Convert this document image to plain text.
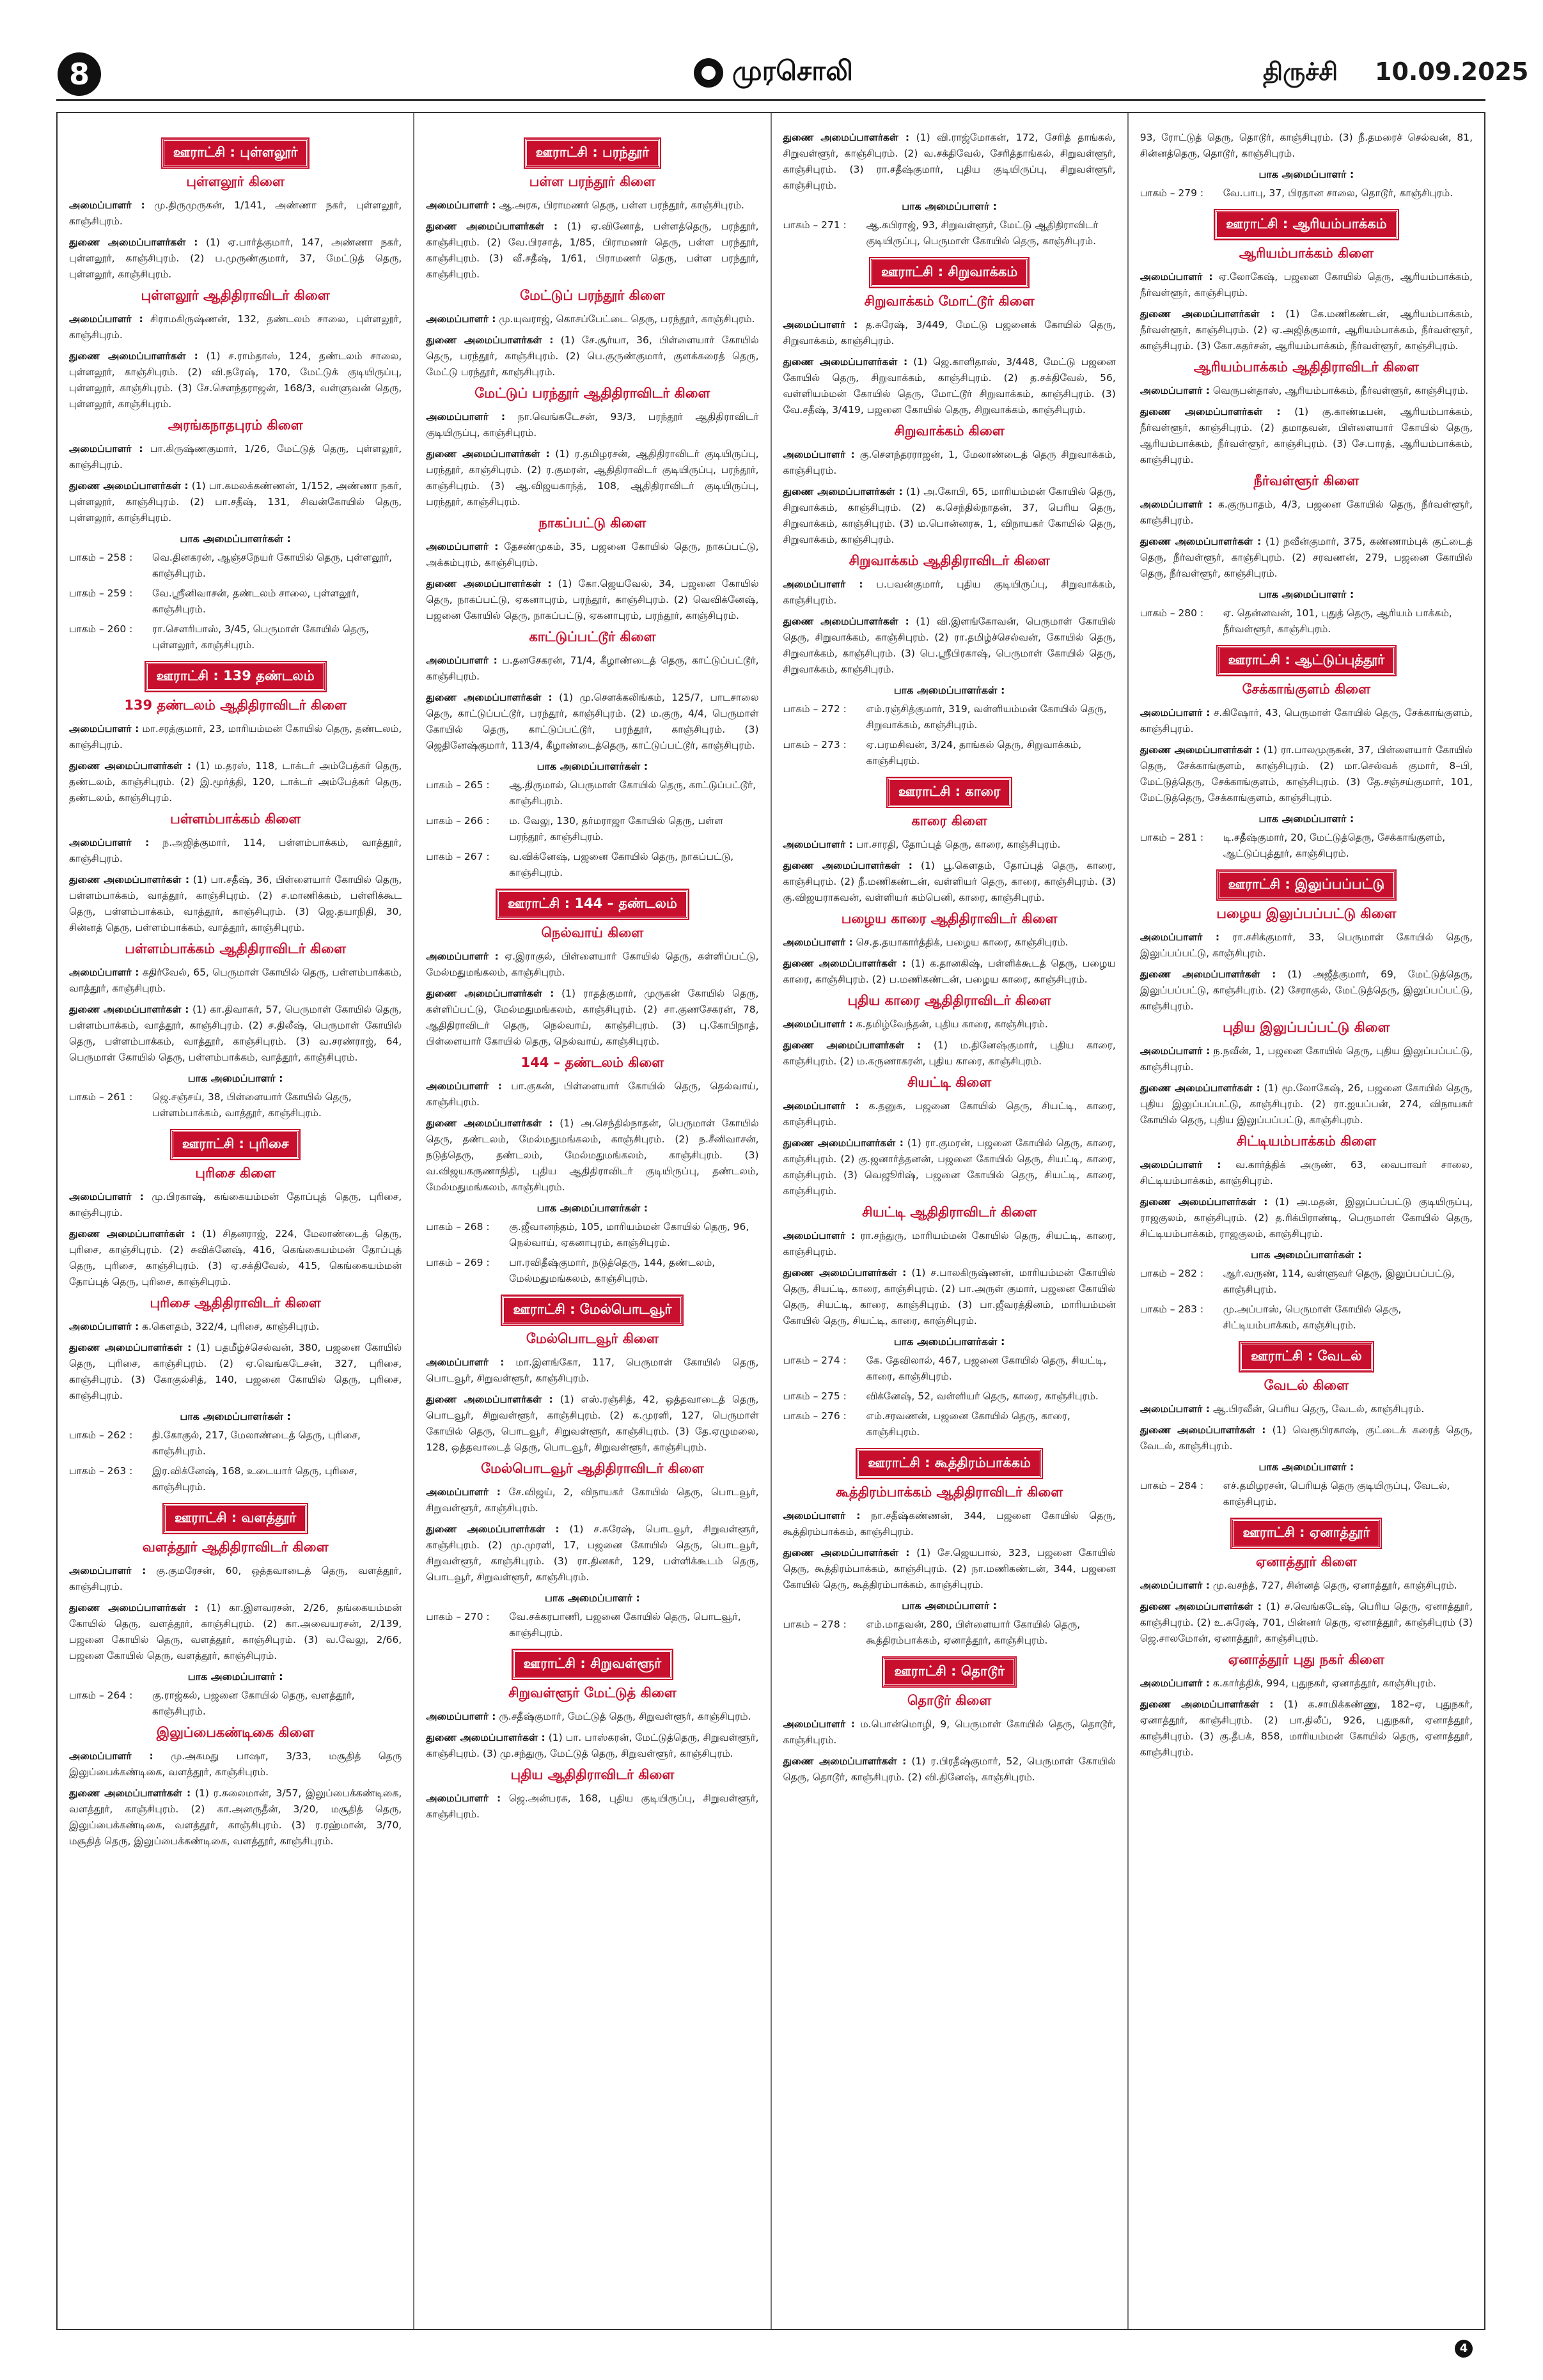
8	முரசொலி	திருச்சி 10.09.2025
ஊராட்சி : புள்ளலூர்
புள்ளலூர் கிளை

அமைப்பாளர் : மு.திருமுருகன், 1/141, அண்ணா நகர், புள்ளலூர், காஞ்சிபுரம்.

துணை அமைப்பாளர்கள் : (1) ஏ.பார்த்குமார், 147, அண்ணா நகர், புள்ளலூர், காஞ்சிபுரம். (2) ப.முருண்குமார், 37, மேட்டுத் தெரு, புள்ளலூர், காஞ்சிபுரம்.

புள்ளலூர் ஆதிதிராவிடர் கிளை

அமைப்பாளர் : சிராமகிருஷ்ணன், 132, தண்டலம் சாலை, புள்ளலூர், காஞ்சிபுரம்.

துணை அமைப்பாளர்கள் : (1) ச.ராம்தாஸ், 124, தண்டலம் சாலை, புள்ளலூர், காஞ்சிபுரம். (2) வி.நரேஷ், 170, மேட்டுக் குடியிருப்பு, புள்ளலூர், காஞ்சிபுரம். (3) சே.சௌந்தராஜன், 168/3, வள்ளுவன் தெரு, புள்ளலூர், காஞ்சிபுரம்.

அரங்கநாதபுரம் கிளை

அமைப்பாளர் : பா.கிருஷ்ணகுமார், 1/26, மேட்டுத் தெரு, புள்ளலூர், காஞ்சிபுரம்.

துணை அமைப்பாளர்கள் : (1) பா.கமலக்கண்ணன், 1/152, அண்ணா நகர், புள்ளலூர், காஞ்சிபுரம். (2) பா.சதீஷ், 131, சிவன்கோயில் தெரு, புள்ளலூர், காஞ்சிபுரம்.

பாக அமைப்பாளர்கள் :
பாகம் – 258 :	வெ.தினகரன், ஆஞ்சநேயர் கோயில் தெரு, புள்ளலூர், காஞ்சிபுரம்.
பாகம் – 259 :	வே.ஸ்ரீனிவாசன், தண்டலம் சாலை, புள்ளலூர், காஞ்சிபுரம்.
பாகம் – 260 :	ரா.சௌரிபாஸ், 3/45, பெருமாள் கோயில் தெரு, புள்ளலூர், காஞ்சிபுரம்.
ஊராட்சி : 139 தண்டலம்
139 தண்டலம் ஆதிதிராவிடர் கிளை

அமைப்பாளர் : மா.சரத்குமார், 23, மாரியம்மன் கோயில் தெரு, தண்டலம், காஞ்சிபுரம்.

துணை அமைப்பாளர்கள் : (1) ம.தரஸ், 118, டாக்டர் அம்பேத்கர் தெரு, தண்டலம், காஞ்சிபுரம். (2) இ.மூர்த்தி, 120, டாக்டர் அம்பேத்கர் தெரு, தண்டலம், காஞ்சிபுரம்.

பள்ளம்பாக்கம் கிளை

அமைப்பாளர் : ந.அஜித்குமார், 114, பள்ளம்பாக்கம், வாத்தூர், காஞ்சிபுரம்.

துணை அமைப்பாளர்கள் : (1) பா.சதீஷ், 36, பிள்ளையார் கோயில் தெரு, பள்ளம்பாக்கம், வாத்தூர், காஞ்சிபுரம். (2) ச.மாணிக்கம், பள்ளிக்கூட தெரு, பள்ளம்பாக்கம், வாத்தூர், காஞ்சிபுரம். (3) ஜெ.தயாநிதி, 30, சின்னத் தெரு, பள்ளம்பாக்கம், வாத்தூர், காஞ்சிபுரம்.

பள்ளம்பாக்கம் ஆதிதிராவிடர் கிளை

அமைப்பாளர் : கதிர்வேல், 65, பெருமாள் கோயில் தெரு, பள்ளம்பாக்கம், வாத்தூர், காஞ்சிபுரம்.

துணை அமைப்பாளர்கள் : (1) கா.திவாகர், 57, பெருமாள் கோயில் தெரு, பள்ளம்பாக்கம், வாத்தூர், காஞ்சிபுரம். (2) ச.திலீஷ், பெருமாள் கோயில் தெரு, பள்ளம்பாக்கம், வாத்தூர், காஞ்சிபுரம். (3) வ.சரண்ராஜ், 64, பெருமாள் கோயில் தெரு, பள்ளம்பாக்கம், வாத்தூர், காஞ்சிபுரம்.

பாக அமைப்பாளர் :
பாகம் – 261 :	ஜெ.சஞ்சய், 38, பிள்ளையார் கோயில் தெரு, பள்ளம்பாக்கம், வாத்தூர், காஞ்சிபுரம்.
ஊராட்சி : புரிசை
புரிசை கிளை

அமைப்பாளர் : மு.பிரகாஷ், கங்கையம்மன் தோப்புத் தெரு, புரிசை, காஞ்சிபுரம்.

துணை அமைப்பாளர்கள் : (1) சிதனராஜ், 224, மேலாண்டைத் தெரு, புரிசை, காஞ்சிபுரம். (2) சுவிக்னேஷ், 416, கெங்கையம்மன் தோப்புத் தெரு, புரிசை, காஞ்சிபுரம். (3) ஏ.சக்திவேல், 415, கெங்கையம்மன் தோப்புத் தெரு, புரிசை, காஞ்சிபுரம்.

புரிசை ஆதிதிராவிடர் கிளை

அமைப்பாளர் : க.கௌதம், 322/4, புரிசை, காஞ்சிபுரம்.

துணை அமைப்பாளர்கள் : (1) பதமீழ்ச்செல்வன், 380, பஜனை கோயில் தெரு, புரிசை, காஞ்சிபுரம். (2) ஏ.வெங்கடேசன், 327, புரிசை, காஞ்சிபுரம். (3) கோகுல்சித், 140, பஜனை கோயில் தெரு, புரிசை, காஞ்சிபுரம்.

பாக அமைப்பாளர்கள் :
பாகம் – 262 :	தி.கோகுல், 217, மேலாண்டைத் தெரு, புரிசை, காஞ்சிபுரம்.
பாகம் – 263 :	இர.விக்னேஷ், 168, உடையார் தெரு, புரிசை, காஞ்சிபுரம்.
ஊராட்சி : வளத்தூர்
வளத்தூர் ஆதிதிராவிடர் கிளை

அமைப்பாளர் : கு.குமரேசன், 60, ஒத்தவாடைத் தெரு, வளத்தூர், காஞ்சிபுரம்.

துணை அமைப்பாளர்கள் : (1) கா.இளவரசன், 2/26, தங்கையம்மன் கோயில் தெரு, வளத்தூர், காஞ்சிபுரம். (2) கா.அவையரசன், 2/139, பஜனை கோயில் தெரு, வளத்தூர், காஞ்சிபுரம். (3) வ.வேலு, 2/66, பஜனை கோயில் தெரு, வளத்தூர், காஞ்சிபுரம்.

பாக அமைப்பாளர் :
பாகம் – 264 :	கு.ராஜ்கல், பஜனை கோயில் தெரு, வளத்தூர், காஞ்சிபுரம்.
இலுப்பைகண்டிகை கிளை

அமைப்பாளர் : மு.அகமது பாஷா, 3/33, மசூதித் தெரு இலுப்பைக்கண்டிகை, வளத்தூர், காஞ்சிபுரம்.

துணை அமைப்பாளர்கள் : (1) ர.கலைமான், 3/57, இலுப்பைக்கண்டிகை, வளத்தூர், காஞ்சிபுரம். (2) கா.அனருதீன், 3/20, மசூதித் தெரு, இலுப்பைக்கண்டிகை, வளத்தூர், காஞ்சிபுரம். (3) ர.ரஹ்மான், 3/70, மசூதித் தெரு, இலுப்பைக்கண்டிகை, வளத்தூர், காஞ்சிபுரம்.

ஊராட்சி : பரந்தூர்
பள்ள பரந்தூர் கிளை

அமைப்பாளர் : ஆ.அரசு, பிராமணர் தெரு, பள்ள பரந்தூர், காஞ்சிபுரம்.

துணை அமைப்பாளர்கள் : (1) ஏ.வினோத், பள்ளத்தெரு, பரந்தூர், காஞ்சிபுரம். (2) வே.பிரசாத், 1/85, பிராமணர் தெரு, பள்ள பரந்தூர், காஞ்சிபுரம். (3) வீ.சதீஷ், 1/61, பிராமணர் தெரு, பள்ள பரந்தூர், காஞ்சிபுரம்.

மேட்டுப் பரந்தூர் கிளை

அமைப்பாளர் : மு.யுவராஜ், கொசப்பேட்டை தெரு, பரந்தூர், காஞ்சிபுரம்.

துணை அமைப்பாளர்கள் : (1) சே.சூர்யா, 36, பிள்ளையார் கோயில் தெரு, பரந்தூர், காஞ்சிபுரம். (2) பெ.குருண்குமார், குளக்கரைத் தெரு, மேட்டு பரந்தூர், காஞ்சிபுரம்.

மேட்டுப் பரந்தூர் ஆதிதிராவிடர் கிளை

அமைப்பாளர் : நா.வெங்கடேசன், 93/3, பரந்தூர் ஆதிதிராவிடர் குடியிருப்பு, காஞ்சிபுரம்.

துணை அமைப்பாளர்கள் : (1) ர.தமிழரசன், ஆதிதிராவிடர் குடியிருப்பு, பரந்தூர், காஞ்சிபுரம். (2) ர.குமரன், ஆதிதிராவிடர் குடியிருப்பு, பரந்தூர், காஞ்சிபுரம். (3) ஆ.விஜயகாந்த், 108, ஆதிதிராவிடர் குடியிருப்பு, பரந்தூர், காஞ்சிபுரம்.

நாகப்பட்டு கிளை

அமைப்பாளர் : தேசண்முகம், 35, பஜனை கோயில் தெரு, நாகப்பட்டு, அக்கம்புரம், காஞ்சிபுரம்.

துணை அமைப்பாளர்கள் : (1) கோ.ஜெயவேல், 34, பஜனை கோயில் தெரு, நாகப்பட்டு, ஏகனாபுரம், பரந்தூர், காஞ்சிபுரம். (2) வெவிக்னேஷ், பஜனை கோயில் தெரு, நாகப்பட்டு, ஏகனாபுரம், பரந்தூர், காஞ்சிபுரம்.

காட்டுப்பட்டூர் கிளை

அமைப்பாளர் : ப.தனசேகரன், 71/4, கீழாண்டைத் தெரு, காட்டுப்பட்டூர், காஞ்சிபுரம்.

துணை அமைப்பாளர்கள் : (1) மு.சௌக்கலிங்கம், 125/7, பாடசாலை தெரு, காட்டுப்பட்டூர், பரந்தூர், காஞ்சிபுரம். (2) ம.குரு, 4/4, பெருமாள் கோயில் தெரு, காட்டுப்பட்டூர், பரந்தூர், காஞ்சிபுரம். (3) ஜெதினேஷ்குமார், 113/4, கீழாண்டைத்தெரு, காட்டுப்பட்டூர், காஞ்சிபுரம்.

பாக அமைப்பாளர்கள் :
பாகம் – 265 :	ஆ.திருமால், பெருமாள் கோயில் தெரு, காட்டுப்பட்டூர், காஞ்சிபுரம்.
பாகம் – 266 :	ம. வேலு, 130, தர்மராஜா கோயில் தெரு, பள்ள பரந்தூர், காஞ்சிபுரம்.
பாகம் – 267 :	வ.விக்னேஷ், பஜனை கோயில் தெரு, நாகப்பட்டு, காஞ்சிபுரம்.
ஊராட்சி : 144 – தண்டலம்
நெல்வாய் கிளை

அமைப்பாளர் : ஏ.இராகுல், பிள்ளையார் கோயில் தெரு, கள்ளிப்பட்டு, மேல்மதுமங்கலம், காஞ்சிபுரம்.

துணை அமைப்பாளர்கள் : (1) ராதத்குமார், முருகன் கோயில் தெரு, கள்ளிப்பட்டு, மேல்மதுமங்கலம், காஞ்சிபுரம். (2) சா.குணசேகரன், 78, ஆதிதிராவிடர் தெரு, நெல்வாய், காஞ்சிபுரம். (3) பு.கோபிநாத், பிள்ளையார் கோயில் தெரு, நெல்வாய், காஞ்சிபுரம்.

144 – தண்டலம் கிளை

அமைப்பாளர் : பா.குகன், பிள்ளையார் கோயில் தெரு, தெல்வாய், காஞ்சிபுரம்.

துணை அமைப்பாளர்கள் : (1) அ.செந்தில்நாதன், பெருமாள் கோயில் தெரு, தண்டலம், மேல்மதுமங்கலம், காஞ்சிபுரம். (2) ந.சீனிவாசன், நடுத்தெரு, தண்டலம், மேல்மதுமங்கலம், காஞ்சிபுரம். (3) வ.விஜயகருணாநிதி, புதிய ஆதிதிராவிடர் குடியிருப்பு, தண்டலம், மேல்மதுமங்கலம், காஞ்சிபுரம்.

பாக அமைப்பாளர்கள் :
பாகம் – 268 :	கு.ஜீவானந்தம், 105, மாரியம்மன் கோயில் தெரு, 96, நெல்வாய், ஏகனாபுரம், காஞ்சிபுரம்.
பாகம் – 269 :	பா.ரவிதீஷ்குமார், நடுத்தெரு, 144, தண்டலம், மேல்மதுமங்கலம், காஞ்சிபுரம்.
ஊராட்சி : மேல்பொடவூர்
மேல்பொடவூர் கிளை

அமைப்பாளர் : மா.இளங்கோ, 117, பெருமாள் கோயில் தெரு, பொடவூர், சிறுவள்ளூர், காஞ்சிபுரம்.

துணை அமைப்பாளர்கள் : (1) எஸ்.ரஞ்சித், 42, ஒத்தவாடைத் தெரு, பொடவூர், சிறுவள்ளூர், காஞ்சிபுரம். (2) க.முரளி, 127, பெருமாள் கோயில் தெரு, பொடவூர், சிறுவள்ளூர், காஞ்சிபுரம். (3) தே.ஏழுமலை, 128, ஒத்தவாடைத் தெரு, பொடவூர், சிறுவள்ளூர், காஞ்சிபுரம்.

மேல்பொடவூர் ஆதிதிராவிடர் கிளை

அமைப்பாளர் : சே.விஜய், 2, விநாயகர் கோயில் தெரு, பொடவூர், சிறுவள்ளூர், காஞ்சிபுரம்.

துணை அமைப்பாளர்கள் : (1) ச.சுரேஷ், பொடவூர், சிறுவள்ளூர், காஞ்சிபுரம். (2) மு.முரளி, 17, பஜனை கோயில் தெரு, பொடவூர், சிறுவள்ளூர், காஞ்சிபுரம். (3) ரா.தினகர், 129, பள்ளிக்கூடம் தெரு, பொடவூர், சிறுவள்ளூர், காஞ்சிபுரம்.

பாக அமைப்பாளர் :
பாகம் – 270 :	வே.சக்கரபாணி, பஜனை கோயில் தெரு, பொடவூர், காஞ்சிபுரம்.
ஊராட்சி : சிறுவள்ளூர்
சிறுவள்ளூர் மேட்டுத் கிளை

அமைப்பாளர் : ரு.சதீஷ்குமார், மேட்டுத் தெரு, சிறுவள்ளூர், காஞ்சிபுரம்.

துணை அமைப்பாளர்கள் : (1) பா. பாஸ்கரன், மேட்டுத்தெரு, சிறுவள்ளூர், காஞ்சிபுரம். (3) மு.சந்துரு, மேட்டுத் தெரு, சிறுவள்ளூர், காஞ்சிபுரம்.

புதிய ஆதிதிராவிடர் கிளை

அமைப்பாளர் : ஜெ.அன்பரசு, 168, புதிய குடியிருப்பு, சிறுவள்ளூர், காஞ்சிபுரம்.

துணை அமைப்பாளர்கள் : (1) வி.ராஜ்மோகன், 172, சேரித் தாங்கல், சிறுவள்ளூர், காஞ்சிபுரம். (2) வ.சக்திவேல், சேரித்தாங்கல், சிறுவள்ளூர், காஞ்சிபுரம். (3) ரா.சதீஷ்குமார், புதிய குடியிருப்பு, சிறுவள்ளூர், காஞ்சிபுரம்.

பாக அமைப்பாளர் :
பாகம் – 271 :	ஆ.சுபிராஜ், 93, சிறுவள்ளூர், மேட்டு ஆதிதிராவிடர் குடியிருப்பு, பெருமாள் கோயில் தெரு, காஞ்சிபுரம்.
ஊராட்சி : சிறுவாக்கம்
சிறுவாக்கம் மோட்டூர் கிளை

அமைப்பாளர் : த.சுரேஷ், 3/449, மேட்டு பஜனைக் கோயில் தெரு, சிறுவாக்கம், காஞ்சிபுரம்.

துணை அமைப்பாளர்கள் : (1) ஜெ.காளிதாஸ், 3/448, மேட்டு பஜனை கோயில் தெரு, சிறுவாக்கம், காஞ்சிபுரம். (2) த.சக்திவேல், 56, வள்ளியம்மன் கோயில் தெரு, மோட்டூர் சிறுவாக்கம், காஞ்சிபுரம். (3) வே.சதீஷ், 3/419, பஜனை கோயில் தெரு, சிறுவாக்கம், காஞ்சிபுரம்.

சிறுவாக்கம் கிளை

அமைப்பாளர் : கு.சௌந்தரராஜன், 1, மேலாண்டைத் தெரு சிறுவாக்கம், காஞ்சிபுரம்.

துணை அமைப்பாளர்கள் : (1) அ.கோபி, 65, மாரியம்மன் கோயில் தெரு, சிறுவாக்கம், காஞ்சிபுரம். (2) க.செந்தில்நாதன், 37, பெரிய தெரு, சிறுவாக்கம், காஞ்சிபுரம். (3) ம.பொன்னரசு, 1, விநாயகர் கோயில் தெரு, சிறுவாக்கம், காஞ்சிபுரம்.

சிறுவாக்கம் ஆதிதிராவிடர் கிளை

அமைப்பாளர் : ப.பவன்குமார், புதிய குடியிருப்பு, சிறுவாக்கம், காஞ்சிபுரம்.

துணை அமைப்பாளர்கள் : (1) வி.இளங்கோவன், பெருமாள் கோயில் தெரு, சிறுவாக்கம், காஞ்சிபுரம். (2) ரா.தமிழ்ச்செல்வன், கோயில் தெரு, சிறுவாக்கம், காஞ்சிபுரம். (3) பெ.ஸ்ரீபிரகாஷ், பெருமாள் கோயில் தெரு, சிறுவாக்கம், காஞ்சிபுரம்.

பாக அமைப்பாளர்கள் :
பாகம் – 272 :	எம்.ரஞ்சித்குமார், 319, வள்ளியம்மன் கோயில் தெரு, சிறுவாக்கம், காஞ்சிபுரம்.
பாகம் – 273 :	ஏ.பரமசிவன், 3/24, தாங்கல் தெரு, சிறுவாக்கம், காஞ்சிபுரம்.
ஊராட்சி : காரை
காரை கிளை

அமைப்பாளர் : பா.சாரதி, தோப்புத் தெரு, காரை, காஞ்சிபுரம்.

துணை அமைப்பாளர்கள் : (1) பூ.கௌதம், தோப்புத் தெரு, காரை, காஞ்சிபுரம். (2) நீ.மணிகண்டன், வள்ளியர் தெரு, காரை, காஞ்சிபுரம். (3) கு.விஜயராகவன், வள்ளியர் கம்பெனி, காரை, காஞ்சிபுரம்.

பழைய காரை ஆதிதிராவிடர் கிளை

அமைப்பாளர் : செ.த.தயாகார்த்திக், பழைய காரை, காஞ்சிபுரம்.

துணை அமைப்பாளர்கள் : (1) க.தானகிஷ், பள்ளிக்கூடத் தெரு, பழைய காரை, காஞ்சிபுரம். (2) ப.மணிகண்டன், பழைய காரை, காஞ்சிபுரம்.

புதிய காரை ஆதிதிராவிடர் கிளை

அமைப்பாளர் : க.தமிழ்வேந்தன், புதிய காரை, காஞ்சிபுரம்.

துணை அமைப்பாளர்கள் : (1) ம.தினேஷ்குமார், புதிய காரை, காஞ்சிபுரம். (2) ம.கருணாகரன், புதிய காரை, காஞ்சிபுரம்.

சியட்டி கிளை

அமைப்பாளர் : க.தனுசு, பஜனை கோயில் தெரு, சியட்டி, காரை, காஞ்சிபுரம்.

துணை அமைப்பாளர்கள் : (1) ரா.குமரன், பஜனை கோயில் தெரு, காரை, காஞ்சிபுரம். (2) கு.ஜனார்த்தனன், பஜனை கோயில் தெரு, சியட்டி, காரை, காஞ்சிபுரம். (3) வெஜூரிஷ், பஜனை கோயில் தெரு, சியட்டி, காரை, காஞ்சிபுரம்.

சியட்டி ஆதிதிராவிடர் கிளை

அமைப்பாளர் : ரா.சந்துரு, மாரியம்மன் கோயில் தெரு, சியட்டி, காரை, காஞ்சிபுரம்.

துணை அமைப்பாளர்கள் : (1) ச.பாலகிருஷ்ணன், மாரியம்மன் கோயில் தெரு, சியட்டி, காரை, காஞ்சிபுரம். (2) பா.அருள் குமார், பஜனை கோயில் தெரு, சியட்டி, காரை, காஞ்சிபுரம். (3) பா.ஜீவரத்தினம், மாரியம்மன் கோயில் தெரு, சியட்டி, காரை, காஞ்சிபுரம்.

பாக அமைப்பாளர்கள் :
பாகம் – 274 :	கே. தேவிலால், 467, பஜனை கோயில் தெரு, சியட்டி, காரை, காஞ்சிபுரம்.
பாகம் – 275 :	விக்னேஷ், 52, வள்ளியர் தெரு, காரை, காஞ்சிபுரம்.
பாகம் – 276 :	எம்.சரவணன், பஜனை கோயில் தெரு, காரை, காஞ்சிபுரம்.
ஊராட்சி : கூத்திரம்பாக்கம்
கூத்திரம்பாக்கம் ஆதிதிராவிடர் கிளை

அமைப்பாளர் : நா.சதீஷ்கண்ணன், 344, பஜனை கோயில் தெரு, கூத்திரம்பாக்கம், காஞ்சிபுரம்.

துணை அமைப்பாளர்கள் : (1) சே.ஜெயபால், 323, பஜனை கோயில் தெரு, கூத்திரம்பாக்கம், காஞ்சிபுரம். (2) நா.மணிகண்டன், 344, பஜனை கோயில் தெரு, கூத்திரம்பாக்கம், காஞ்சிபுரம்.

பாக அமைப்பாளர் :
பாகம் – 278 :	எம்.மாதவன், 280, பிள்ளையார் கோயில் தெரு, கூத்திரம்பாக்கம், ஏனாத்தூர், காஞ்சிபுரம்.
ஊராட்சி : தொடூர்
தொடூர் கிளை

அமைப்பாளர் : ம.பொன்மொழி, 9, பெருமாள் கோயில் தெரு, தொடூர், காஞ்சிபுரம்.

துணை அமைப்பாளர்கள் : (1) ர.பிரதீஷ்குமார், 52, பெருமாள் கோயில் தெரு, தொடூர், காஞ்சிபுரம். (2) வி.தினேஷ், காஞ்சிபுரம்.

93, ரோட்டுத் தெரு, தொடூர், காஞ்சிபுரம். (3) நீ.தமரைச் செல்வன், 81, சின்னத்தெரு, தொடூர், காஞ்சிபுரம்.

பாக அமைப்பாளர் :
பாகம் – 279 :	வே.பாபு, 37, பிரதான சாலை, தொடூர், காஞ்சிபுரம்.
ஊராட்சி : ஆரியம்பாக்கம்
ஆரியம்பாக்கம் கிளை

அமைப்பாளர் : ஏ.லோகேஷ், பஜனை கோயில் தெரு, ஆரியம்பாக்கம், நீர்வள்ளூர், காஞ்சிபுரம்.

துணை அமைப்பாளர்கள் : (1) கே.மணிகண்டன், ஆரியம்பாக்கம், நீர்வள்ளூர், காஞ்சிபுரம். (2) ஏ.அஜித்குமார், ஆரியம்பாக்கம், நீர்வள்ளூர், காஞ்சிபுரம். (3) கோ.கதர்சன், ஆரியம்பாக்கம், நீர்வள்ளூர், காஞ்சிபுரம்.

ஆரியம்பாக்கம் ஆதிதிராவிடர் கிளை

அமைப்பாளர் : வெருபன்தாஸ், ஆரியம்பாக்கம், நீர்வள்ளூர், காஞ்சிபுரம்.

துணை அமைப்பாளர்கள் : (1) கு.காண்டீபன், ஆரியம்பாக்கம், நீர்வள்ளூர், காஞ்சிபுரம். (2) தமாதவன், பிள்ளையார் கோயில் தெரு, ஆரியம்பாக்கம், நீர்வள்ளூர், காஞ்சிபுரம். (3) சே.பாரத், ஆரியம்பாக்கம், காஞ்சிபுரம்.

நீர்வள்ளூர் கிளை

அமைப்பாளர் : க.குருபாதம், 4/3, பஜனை கோயில் தெரு, நீர்வள்ளூர், காஞ்சிபுரம்.

துணை அமைப்பாளர்கள் : (1) நவீன்குமார், 375, கண்ணாம்புக் குட்டைத் தெரு, நீர்வள்ளூர், காஞ்சிபுரம். (2) சரவணன், 279, பஜனை கோயில் தெரு, நீர்வள்ளூர், காஞ்சிபுரம்.

பாக அமைப்பாளர் :
பாகம் – 280 :	ஏ. தென்னவன், 101, புதுத் தெரு, ஆரியம் பாக்கம், நீர்வள்ளூர், காஞ்சிபுரம்.
ஊராட்சி : ஆட்டுப்புத்தூர்
சேக்காங்குளம் கிளை

அமைப்பாளர் : ச.கிஷோர், 43, பெருமாள் கோயில் தெரு, சேக்காங்குளம், காஞ்சிபுரம்.

துணை அமைப்பாளர்கள் : (1) ரா.பாலமுருகன், 37, பிள்ளையார் கோயில் தெரு, சேக்காங்குளம், காஞ்சிபுரம். (2) மா.செல்வக் குமார், 8–பி, மேட்டுத்தெரு, சேக்காங்குளம், காஞ்சிபுரம். (3) தே.சஞ்சய்குமார், 101, மேட்டுத்தெரு, சேக்காங்குளம், காஞ்சிபுரம்.

பாக அமைப்பாளர் :
பாகம் – 281 :	டி.சதீஷ்குமார், 20, மேட்டுத்தெரு, சேக்காங்குளம், ஆட்டுப்புத்தூர், காஞ்சிபுரம்.
ஊராட்சி : இலுப்பப்பட்டு
பழைய இலுப்பப்பட்டு கிளை

அமைப்பாளர் : ரா.சசிக்குமார், 33, பெருமாள் கோயில் தெரு, இலுப்பப்பட்டு, காஞ்சிபுரம்.

துணை அமைப்பாளர்கள் : (1) அஜீத்குமார், 69, மேட்டுத்தெரு, இலுப்பப்பட்டு, காஞ்சிபுரம். (2) சேராகுல், மேட்டுத்தெரு, இலுப்பப்பட்டு, காஞ்சிபுரம்.

புதிய இலுப்பப்பட்டு கிளை

அமைப்பாளர் : ந.நவீன், 1, பஜனை கோயில் தெரு, புதிய இலுப்பப்பட்டு, காஞ்சிபுரம்.

துணை அமைப்பாளர்கள் : (1) மூ.லோகேஷ், 26, பஜனை கோயில் தெரு, புதிய இலுப்பப்பட்டு, காஞ்சிபுரம். (2) ரா.ஐயப்பன், 274, விநாயகர் கோயில் தெரு, புதிய இலுப்பப்பட்டு, காஞ்சிபுரம்.

சிட்டியம்பாக்கம் கிளை

அமைப்பாளர் : வ.கார்த்திக் அருண், 63, வைபாவர் சாலை, சிட்டியம்பாக்கம், காஞ்சிபுரம்.

துணை அமைப்பாளர்கள் : (1) அ.மதன், இலுப்பப்பட்டு குடியிருப்பு, ராஜகுலம், காஞ்சிபுரம். (2) த.ரிக்பிராண்டி, பெருமாள் கோயில் தெரு, சிட்டியம்பாக்கம், ராஜகுலம், காஞ்சிபுரம்.

பாக அமைப்பாளர்கள் :
பாகம் – 282 :	ஆர்.வருண், 114, வள்ளுவர் தெரு, இலுப்பப்பட்டு, காஞ்சிபுரம்.
பாகம் – 283 :	மு.அப்பாஸ், பெருமாள் கோயில் தெரு, சிட்டியம்பாக்கம், காஞ்சிபுரம்.
ஊராட்சி : வேடல்
வேடல் கிளை

அமைப்பாளர் : ஆ.பிரவீன், பெரிய தெரு, வேடல், காஞ்சிபுரம்.

துணை அமைப்பாளர்கள் : (1) வெரூபிரகாஷ், குட்டைக் கரைத் தெரு, வேடல், காஞ்சிபுரம்.

பாக அமைப்பாளர் :
பாகம் – 284 :	எச்.தமிழரசன், பெரியத் தெரு குடியிருப்பு, வேடல், காஞ்சிபுரம்.
ஊராட்சி : ஏனாத்தூர்
ஏனாத்தூர் கிளை

அமைப்பாளர் : மு.வசந்த், 727, சின்னத் தெரு, ஏனாத்தூர், காஞ்சிபுரம்.

துணை அமைப்பாளர்கள் : (1) ச.வெங்கடேஷ், பெரிய தெரு, ஏனாத்தூர், காஞ்சிபுரம். (2) உ.சுரேஷ், 701, பின்னர் தெரு, ஏனாத்தூர், காஞ்சிபுரம் (3) ஜெ.சாலமோன், ஏனாத்தூர், காஞ்சிபுரம்.

ஏனாத்தூர் புது நகர் கிளை

அமைப்பாளர் : க.கார்த்திக், 994, புதுநகர், ஏனாத்தூர், காஞ்சிபுரம்.

துணை அமைப்பாளர்கள் : (1) க.சாமிக்கண்ணு, 182–ஏ, புதுநகர், ஏனாத்தூர், காஞ்சிபுரம். (2) பா.திலீப், 926, புதுநகர், ஏனாத்தூர், காஞ்சிபுரம். (3) கு.தீபக், 858, மாரியம்மன் கோயில் தெரு, ஏனாத்தூர், காஞ்சிபுரம்.

4
